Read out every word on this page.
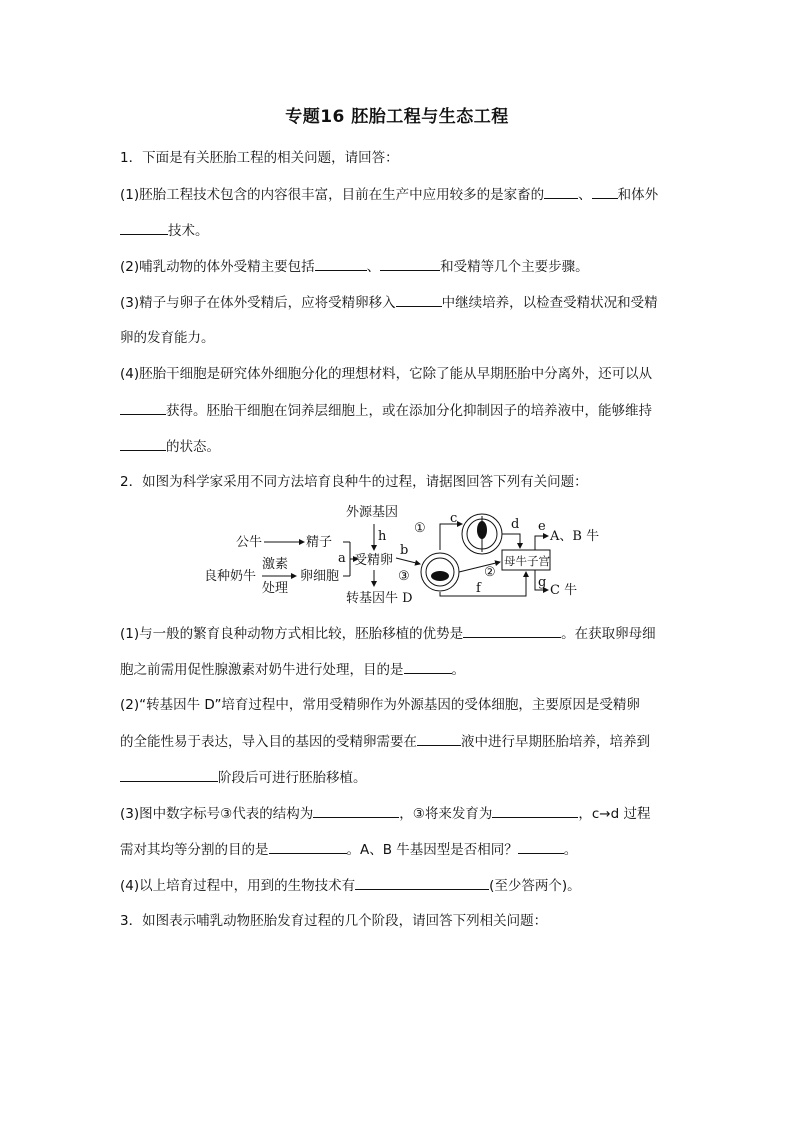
专题16 胚胎工程与生态工程
1．下面是有关胚胎工程的相关问题，请回答：
(1)胚胎工程技术包含的内容很丰富，目前在生产中应用较多的是家畜的	、 和体外
技术。
(2)哺乳动物的体外受精主要包括	、	和受精等几个主要步骤。
(3)精子与卵子在体外受精后，应将受精卵移入	中继续培养，以检查受精状况和受精
卵的发育能力。
(4)胚胎干细胞是研究体外细胞分化的理想材料，它除了能从早期胚胎中分离外，还可以从
获得。胚胎干细胞在饲养层细胞上，或在添加分化抑制因子的培养液中，能够维持
的状态。
2．如图为科学家采用不同方法培育良种牛的过程，请据图回答下列有关问题：
公牛	精子
良种奶牛
激素
处理
卵细胞
a
外源基因
h
受精卵
b
转基因牛 D
①
②
③
c	d e
f	g
母牛子宫
A、B 牛
C 牛
(1)与一般的繁育良种动物方式相比较，胚胎移植的优势是	。在获取卵母细
胞之前需用促性腺激素对奶牛进行处理，目的是	。
(2)“转基因牛 D”培育过程中，常用受精卵作为外源基因的受体细胞，主要原因是受精卵
的全能性易于表达，导入目的基因的受精卵需要在	液中进行早期胚胎培养，培养到
阶段后可进行胚胎移植。
(3)图中数字标号③代表的结构为	，③将来发育为	，c→d 过程
需对其均等分割的目的是	。A、B 牛基因型是否相同？	。
(4)以上培育过程中，用到的生物技术有	(至少答两个)。
3．如图表示哺乳动物胚胎发育过程的几个阶段，请回答下列相关问题：
